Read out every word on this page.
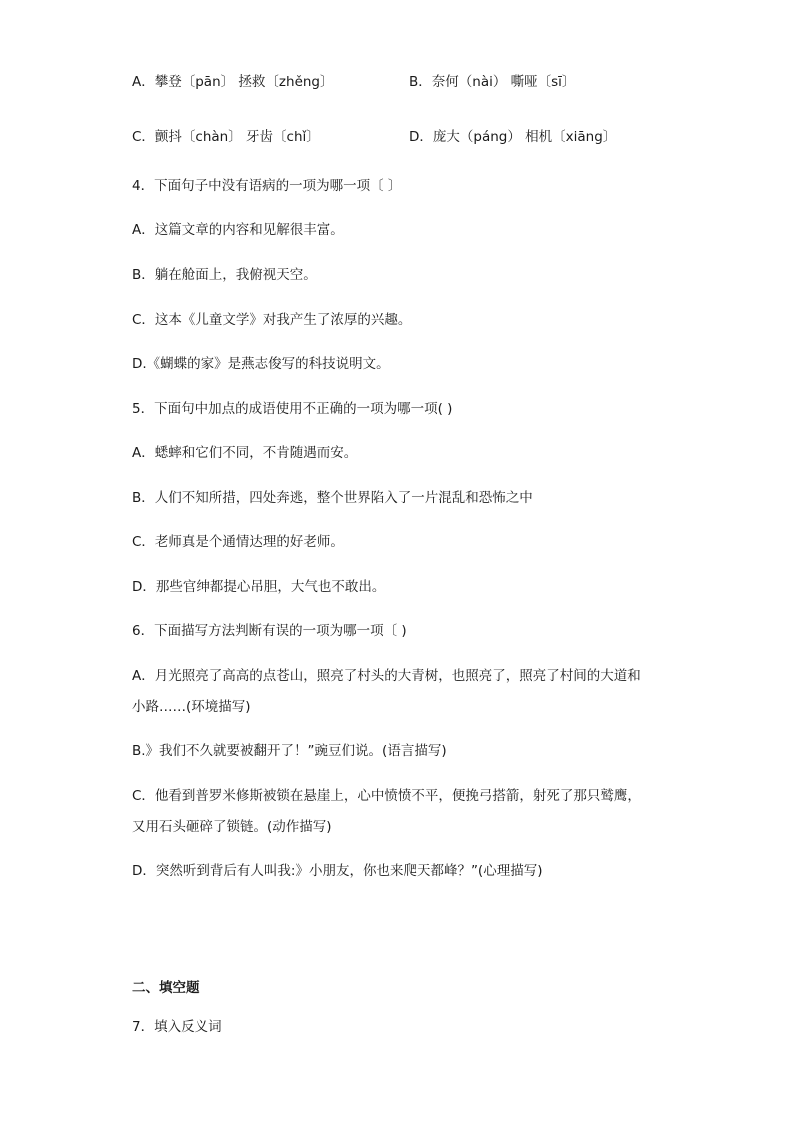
A．攀登〔pān〕 拯救〔zhěng〕	B．奈何（nài） 嘶哑〔sī〕
C．颤抖〔chàn〕 牙齿〔chǐ〕	D．庞大（páng） 相机〔xiāng〕
4．下面句子中没有语病的一项为哪一项〔 〕
A．这篇文章的内容和见解很丰富。
B．躺在舱面上，我俯视天空。
C．这本《儿童文学》对我产生了浓厚的兴趣。
D.《蝴蝶的家》是燕志俊写的科技说明文。
5．下面句中加点的成语使用不正确的一项为哪一项( )
A．蟋蟀和它们不同，不肯随遇而安。
B．人们不知所措，四处奔逃，整个世界陷入了一片混乱和恐怖之中
C．老师真是个通情达理的好老师。
D．那些官绅都提心吊胆，大气也不敢出。
6．下面描写方法判断有误的一项为哪一项〔 )
A．月光照亮了高高的点苍山，照亮了村头的大青树，也照亮了，照亮了村间的大道和
小路……(环境描写)
B.》我们不久就要被翻开了！”豌豆们说。(语言描写)
C．他看到普罗米修斯被锁在悬崖上，心中愤愤不平，便挽弓搭箭，射死了那只鹫鹰，
又用石头砸碎了锁链。(动作描写)
D．突然听到背后有人叫我:》小朋友，你也来爬天都峰？”(心理描写)
二、填空题
7．填入反义词
